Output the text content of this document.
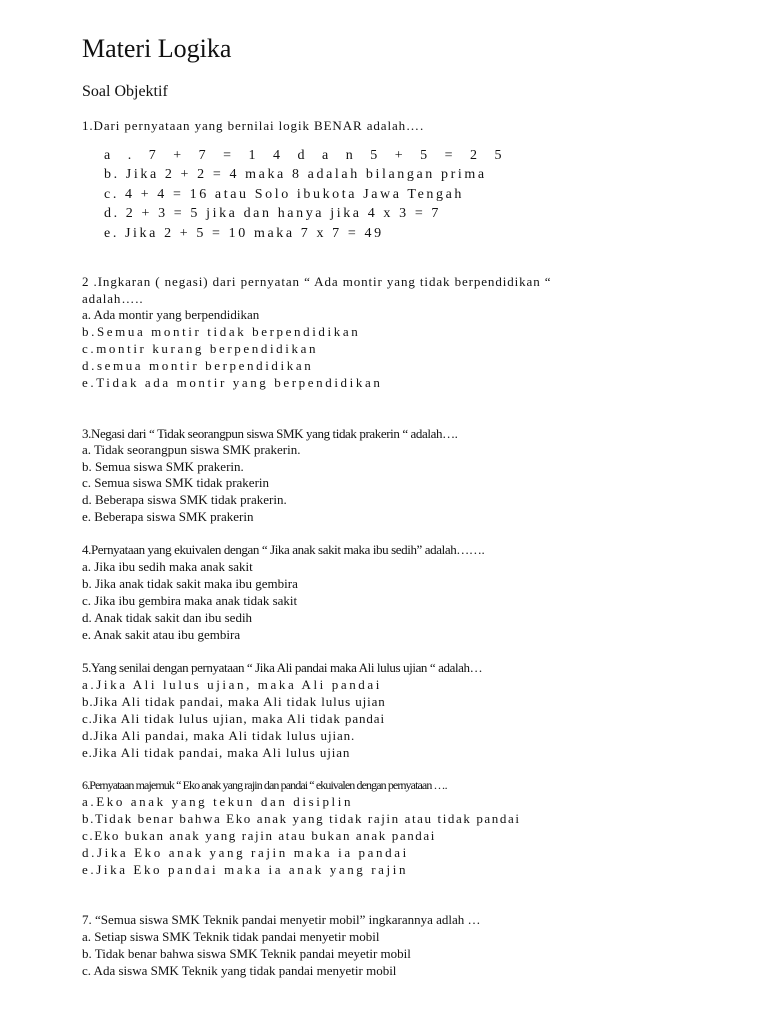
Materi Logika

Soal Objektif

1.Dari pernyataan yang bernilai logik BENAR adalah….
a . 7 + 7 = 1 4 d a n 5 + 5 = 2 5
b. Jika 2 + 2 = 4 maka 8 adalah bilangan prima
c. 4 + 4 = 16 atau Solo ibukota Jawa Tengah
d. 2 + 3 = 5 jika dan hanya jika 4 x 3 = 7
e. Jika 2 + 5 = 10 maka 7 x 7 = 49
2 .Ingkaran ( negasi) dari pernyatan “ Ada montir yang tidak berpendidikan “
adalah…..
a. Ada montir yang berpendidikan
b.Semua montir tidak berpendidikan
c.montir kurang berpendidikan
d.semua montir berpendidikan
e.Tidak ada montir yang berpendidikan
3.Negasi dari “ Tidak seorangpun siswa SMK yang tidak prakerin “ adalah….
a. Tidak seorangpun siswa SMK prakerin.
b. Semua siswa SMK prakerin.
c. Semua siswa SMK tidak prakerin
d. Beberapa siswa SMK tidak prakerin.
e. Beberapa siswa SMK prakerin
4.Pernyataan yang ekuivalen dengan “ Jika anak sakit maka ibu sedih” adalah…….
a. Jika ibu sedih maka anak sakit
b. Jika anak tidak sakit maka ibu gembira
c. Jika ibu gembira maka anak tidak sakit
d. Anak tidak sakit dan ibu sedih
e. Anak sakit atau ibu gembira
5.Yang senilai dengan pernyataan “ Jika Ali pandai maka Ali lulus ujian “ adalah…
a.Jika Ali lulus ujian, maka Ali pandai
b.Jika Ali tidak pandai, maka Ali tidak lulus ujian
c.Jika Ali tidak lulus ujian, maka Ali tidak pandai
d.Jika Ali pandai, maka Ali tidak lulus ujian.
e.Jika Ali tidak pandai, maka Ali lulus ujian
6.Pernyataan majemuk “ Eko anak yang rajin dan pandai “ ekuivalen dengan pernyataan ….
a.Eko anak yang tekun dan disiplin
b.Tidak benar bahwa Eko anak yang tidak rajin atau tidak pandai
c.Eko bukan anak yang rajin atau bukan anak pandai
d.Jika Eko anak yang rajin maka ia pandai
e.Jika Eko pandai maka ia anak yang rajin
7. “Semua siswa SMK Teknik pandai menyetir mobil” ingkarannya adlah …
a. Setiap siswa SMK Teknik tidak pandai menyetir mobil
b. Tidak benar bahwa siswa SMK Teknik pandai meyetir mobil
c. Ada siswa SMK Teknik yang tidak pandai menyetir mobil
